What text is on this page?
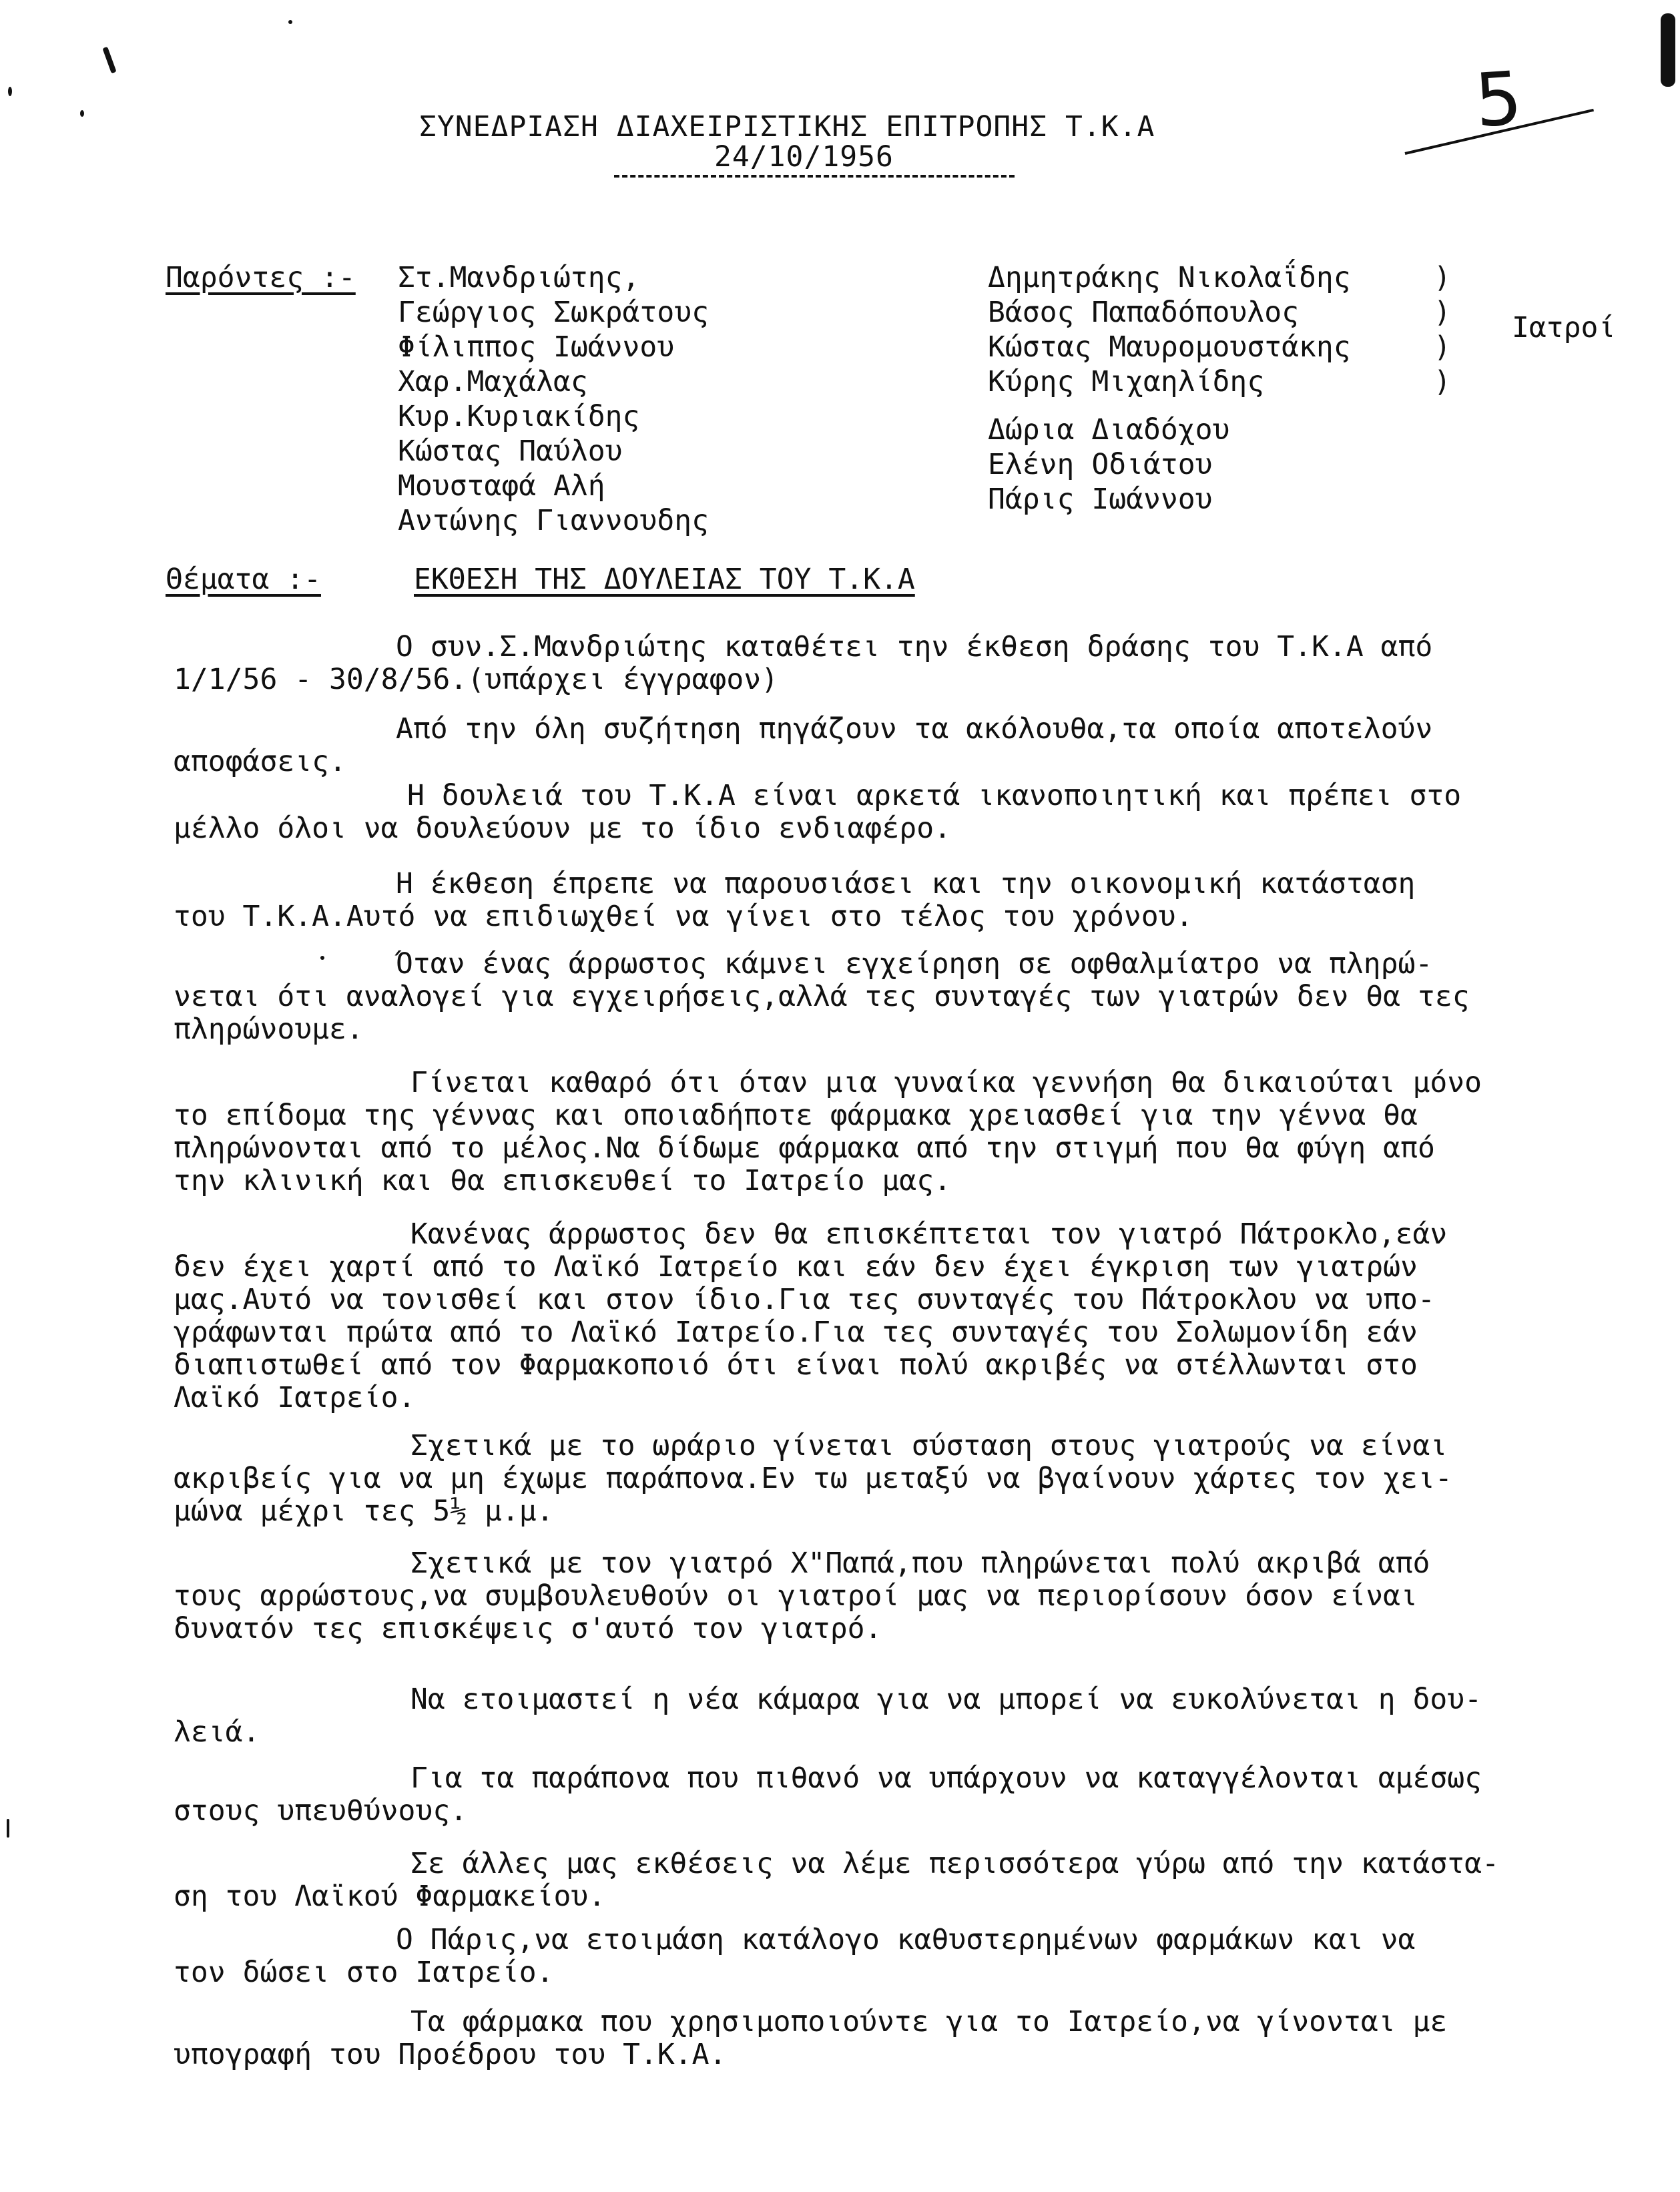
ΣΥΝΕΔΡΙΑΣΗ ΔΙΑΧΕΙΡΙΣΤΙΚΗΣ ΕΠΙΤΡΟΠΗΣ Τ.Κ.Α
24/10/1956
5
Παρόντες :- Στ.Μανδριώτης,
Γεώργιος Σωκράτους
Φίλιππος Ιωάννου
Χαρ.Μαχάλας
Κυρ.Κυριακίδης
Κώστας Παύλου
Μουσταφά Αλή
Αντώνης Γιαννουδης
Δημητράκης Νικολαΐδης
Βάσος Παπαδόπουλος
Κώστας Μαυρομουστάκης
Κύρης Μιχαηλίδης
)
)
)
)
Ιατροί
Δώρια Διαδόχου
Ελένη Οδιάτου
Πάρις Ιωάννου
Θέματα :-	ΕΚΘΕΣΗ ΤΗΣ ΔΟΥΛΕΙΑΣ ΤΟΥ Τ.Κ.Α
Ο συν.Σ.Μανδριώτης καταθέτει την έκθεση δράσης του Τ.Κ.Α από
1/1/56 - 30/8/56.(υπάρχει έγγραφον)
Από την όλη συζήτηση πηγάζουν τα ακόλουθα,τα οποία αποτελούν
αποφάσεις.
Η δουλειά του Τ.Κ.Α είναι αρκετά ικανοποιητική και πρέπει στο
μέλλο όλοι να δουλεύουν με το ίδιο ενδιαφέρο.
Η έκθεση έπρεπε να παρουσιάσει και την οικονομική κατάσταση
του Τ.Κ.Α.Αυτό να επιδιωχθεί να γίνει στο τέλος του χρόνου.
Όταν ένας άρρωστος κάμνει εγχείρηση σε οφθαλμίατρο να πληρώ-
νεται ότι αναλογεί για εγχειρήσεις,αλλά τες συνταγές των γιατρών δεν θα τες
πληρώνουμε.
Γίνεται καθαρό ότι όταν μια γυναίκα γεννήση θα δικαιούται μόνο
το επίδομα της γέννας και οποιαδήποτε φάρμακα χρειασθεί για την γέννα θα
πληρώνονται από το μέλος.Να δίδωμε φάρμακα από την στιγμή που θα φύγη από
την κλινική και θα επισκευθεί το Ιατρείο μας.
Κανένας άρρωστος δεν θα επισκέπτεται τον γιατρό Πάτροκλο,εάν
δεν έχει χαρτί από το Λαϊκό Ιατρείο και εάν δεν έχει έγκριση των γιατρών
μας.Αυτό να τονισθεί και στον ίδιο.Για τες συνταγές του Πάτροκλου να υπο-
γράφωνται πρώτα από το Λαϊκό Ιατρείο.Για τες συνταγές του Σολωμονίδη εάν
διαπιστωθεί από τον Φαρμακοποιό ότι είναι πολύ ακριβές να στέλλωνται στο
Λαϊκό Ιατρείο.
Σχετικά με το ωράριο γίνεται σύσταση στους γιατρούς να είναι
ακριβείς για να μη έχωμε παράπονα.Εν τω μεταξύ να βγαίνουν χάρτες τον χει-
μώνα μέχρι τες 5½ μ.μ.
Σχετικά με τον γιατρό Χ"Παπά,που πληρώνεται πολύ ακριβά από
τους αρρώστους,να συμβουλευθούν οι γιατροί μας να περιορίσουν όσον είναι
δυνατόν τες επισκέψεις σ'αυτό τον γιατρό.
Να ετοιμαστεί η νέα κάμαρα για να μπορεί να ευκολύνεται η δου-
λειά.
Για τα παράπονα που πιθανό να υπάρχουν να καταγγέλονται αμέσως
στους υπευθύνους.
Σε άλλες μας εκθέσεις να λέμε περισσότερα γύρω από την κατάστα-
ση του Λαϊκού Φαρμακείου.
Ο Πάρις,να ετοιμάση κατάλογο καθυστερημένων φαρμάκων και να
τον δώσει στο Ιατρείο.
Τα φάρμακα που χρησιμοποιούντε για το Ιατρείο,να γίνονται με
υπογραφή του Προέδρου του Τ.Κ.Α.
